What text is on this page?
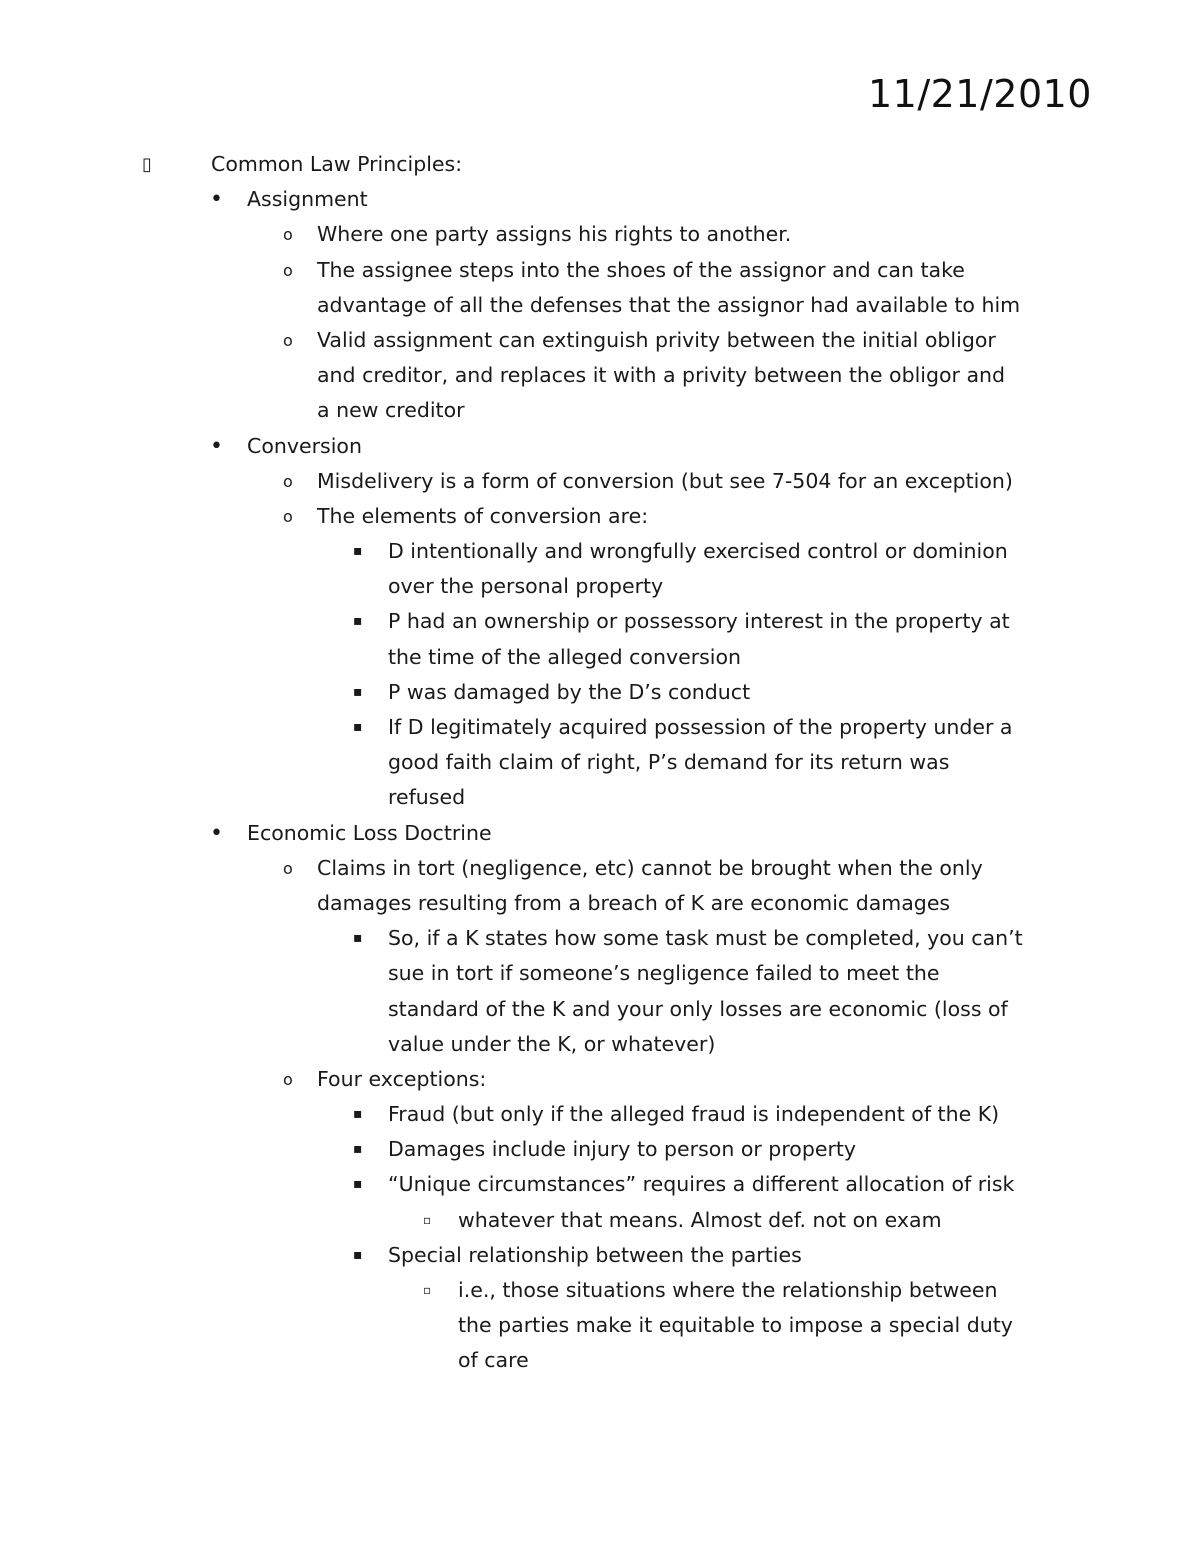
11/21/2010
▯	Common Law Principles:
• Assignment
o Where one party assigns his rights to another.
o The assignee steps into the shoes of the assignor and can take
advantage of all the defenses that the assignor had available to him
o Valid assignment can extinguish privity between the initial obligor
and creditor, and replaces it with a privity between the obligor and
a new creditor
• Conversion
o Misdelivery is a form of conversion (but see 7-504 for an exception)
o The elements of conversion are:
▪ D intentionally and wrongfully exercised control or dominion
over the personal property
▪ P had an ownership or possessory interest in the property at
the time of the alleged conversion
▪ P was damaged by the D’s conduct
▪ If D legitimately acquired possession of the property under a
good faith claim of right, P’s demand for its return was
refused
• Economic Loss Doctrine
o Claims in tort (negligence, etc) cannot be brought when the only
damages resulting from a breach of K are economic damages
▪ So, if a K states how some task must be completed, you can’t
sue in tort if someone’s negligence failed to meet the
standard of the K and your only losses are economic (loss of
value under the K, or whatever)
o Four exceptions:
▪ Fraud (but only if the alleged fraud is independent of the K)
▪ Damages include injury to person or property
▪ “Unique circumstances” requires a different allocation of risk
▫ whatever that means. Almost def. not on exam
▪ Special relationship between the parties
▫ i.e., those situations where the relationship between
the parties make it equitable to impose a special duty
of care
